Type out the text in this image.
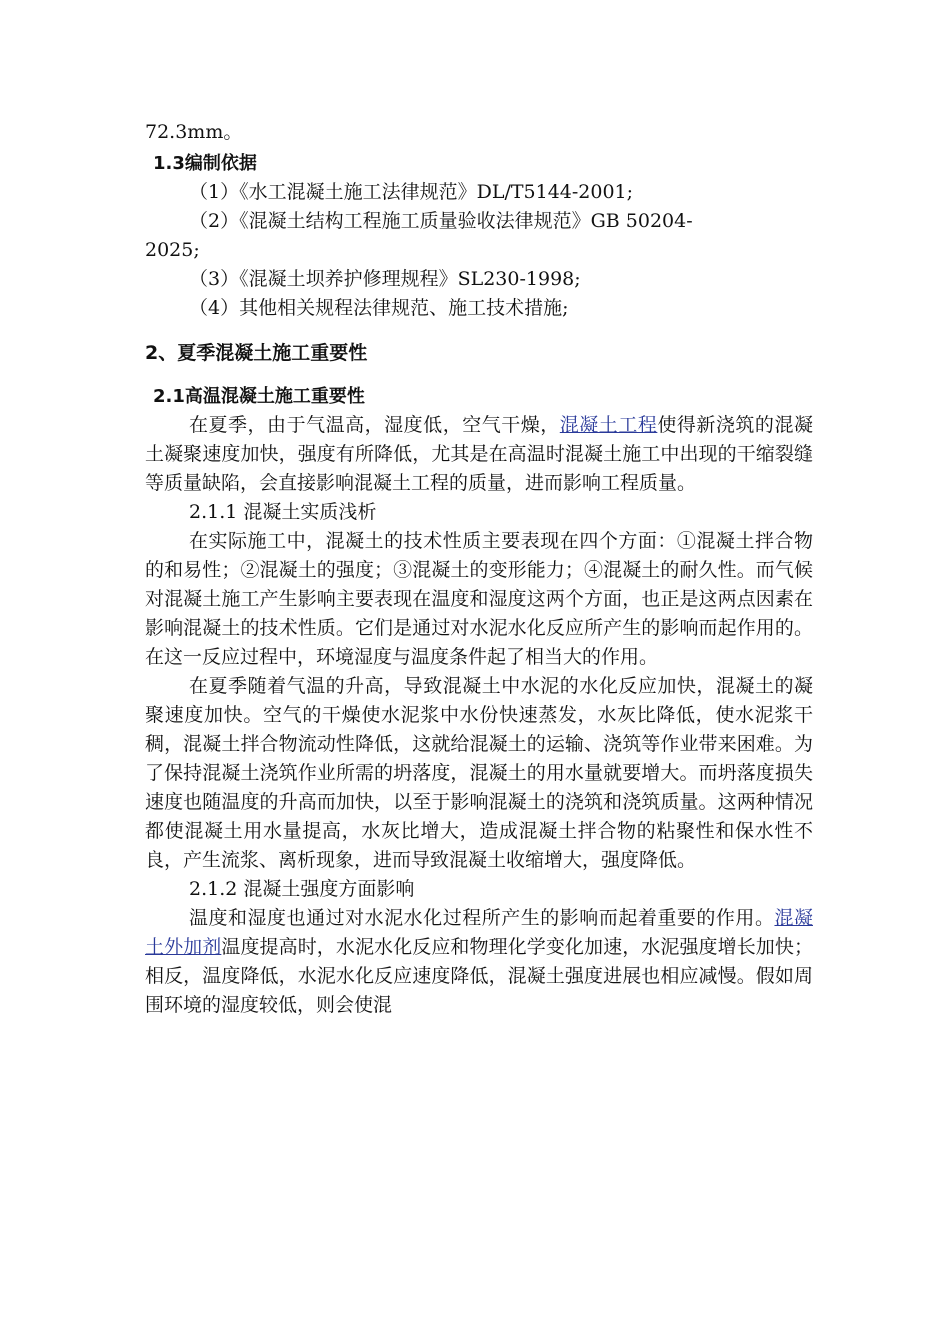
72.3mm。

1.3编制依据

（1）《水工混凝土施工法律规范》DL/T5144-2001;

（2）《混凝土结构工程施工质量验收法律规范》GB 50204-

2025;

（3）《混凝土坝养护修理规程》SL230-1998;

（4）其他相关规程法律规范、施工技术措施;

2、夏季混凝土施工重要性

2.1高温混凝土施工重要性

在夏季，由于气温高，湿度低，空气干燥，混凝土工程使得新浇筑的混凝土凝聚速度加快，强度有所降低，尤其是在高温时混凝土施工中出现的干缩裂缝等质量缺陷，会直接影响混凝土工程的质量，进而影响工程质量。

2.1.1 混凝土实质浅析

在实际施工中，混凝土的技术性质主要表现在四个方面：①混凝土拌合物的和易性；②混凝土的强度；③混凝土的变形能力；④混凝土的耐久性。而气候对混凝土施工产生影响主要表现在温度和湿度这两个方面，也正是这两点因素在影响混凝土的技术性质。它们是通过对水泥水化反应所产生的影响而起作用的。在这一反应过程中，环境湿度与温度条件起了相当大的作用。

在夏季随着气温的升高，导致混凝土中水泥的水化反应加快，混凝土的凝聚速度加快。空气的干燥使水泥浆中水份快速蒸发，水灰比降低，使水泥浆干稠，混凝土拌合物流动性降低，这就给混凝土的运输、浇筑等作业带来困难。为了保持混凝土浇筑作业所需的坍落度，混凝土的用水量就要增大。而坍落度损失速度也随温度的升高而加快，以至于影响混凝土的浇筑和浇筑质量。这两种情况都使混凝土用水量提高，水灰比增大，造成混凝土拌合物的粘聚性和保水性不良，产生流浆、离析现象，进而导致混凝土收缩增大，强度降低。

2.1.2 混凝土强度方面影响

温度和湿度也通过对水泥水化过程所产生的影响而起着重要的作用。混凝土外加剂温度提高时，水泥水化反应和物理化学变化加速，水泥强度增长加快；相反，温度降低，水泥水化反应速度降低，混凝土强度进展也相应减慢。假如周围环境的湿度较低，则会使混
